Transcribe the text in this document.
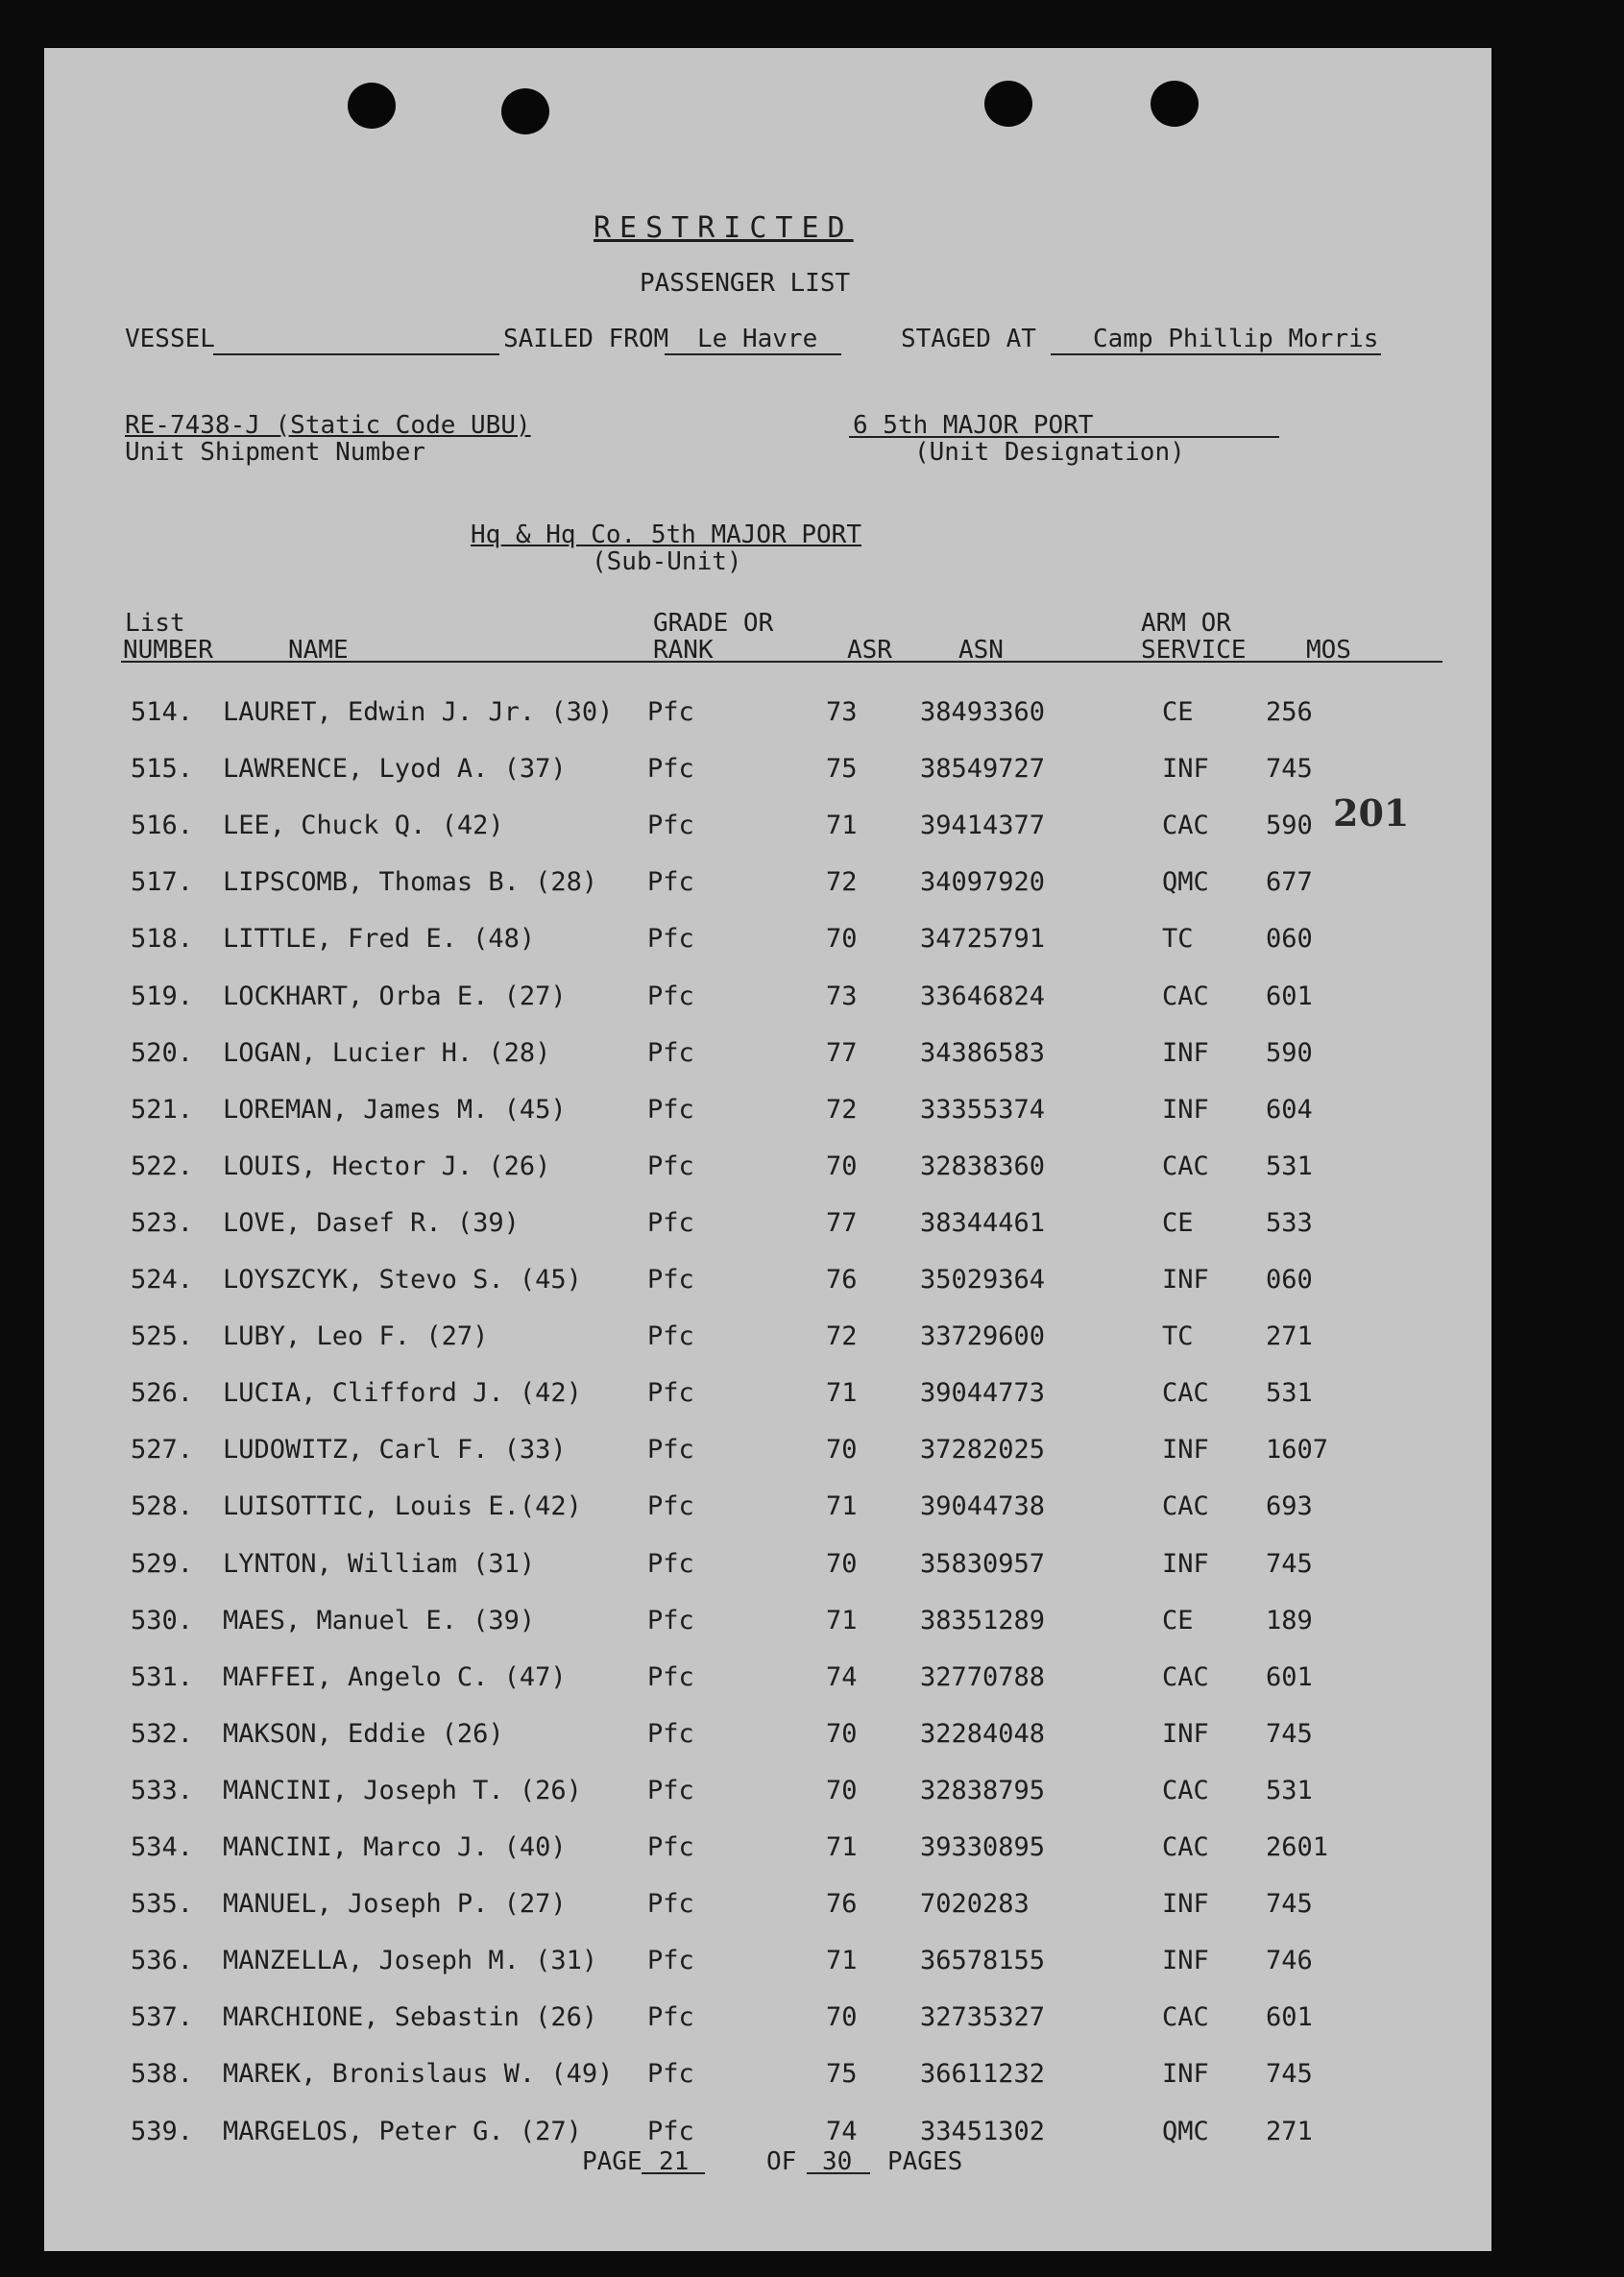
RESTRICTED
PASSENGER LIST
VESSEL	SAILED FROM Le Havre	STAGED AT Camp Phillip Morris
RE-7438-J (Static Code UBU)
Unit Shipment Number
6 5th MAJOR PORT
(Unit Designation)
Hq & Hq Co. 5th MAJOR PORT
(Sub-Unit)
List
NUMBER	NAME
GRADE OR
RANK	ASR	ASN
ARM OR
SERVICE MOS
201
514. LAURET, Edwin J. Jr. (30) Pfc	73 38493360	CE	256
515. LAWRENCE, Lyod A. (37)	Pfc	75 38549727	INF 745
516. LEE, Chuck Q. (42)	Pfc	71 39414377	CAC 590
517. LIPSCOMB, Thomas B. (28) Pfc	72 34097920	QMC 677
518. LITTLE, Fred E. (48)	Pfc	70 34725791	TC	060
519. LOCKHART, Orba E. (27)	Pfc	73 33646824	CAC 601
520. LOGAN, Lucier H. (28)	Pfc	77 34386583	INF 590
521. LOREMAN, James M. (45)	Pfc	72 33355374	INF 604
522. LOUIS, Hector J. (26)	Pfc	70 32838360	CAC 531
523. LOVE, Dasef R. (39)	Pfc	77 38344461	CE	533
524. LOYSZCYK, Stevo S. (45)	Pfc	76 35029364	INF 060
525. LUBY, Leo F. (27)	Pfc	72 33729600	TC	271
526. LUCIA, Clifford J. (42)	Pfc	71 39044773	CAC 531
527. LUDOWITZ, Carl F. (33)	Pfc	70 37282025	INF 1607
528. LUISOTTIC, Louis E.(42)	Pfc	71 39044738	CAC 693
529. LYNTON, William (31)	Pfc	70 35830957	INF 745
530. MAES, Manuel E. (39)	Pfc	71 38351289	CE	189
531. MAFFEI, Angelo C. (47)	Pfc	74 32770788	CAC 601
532. MAKSON, Eddie (26)	Pfc	70 32284048	INF 745
533. MANCINI, Joseph T. (26)	Pfc	70 32838795	CAC 531
534. MANCINI, Marco J. (40)	Pfc	71 39330895	CAC 2601
535. MANUEL, Joseph P. (27)	Pfc	76 7020283	INF 745
536. MANZELLA, Joseph M. (31) Pfc	71 36578155	INF 746
537. MARCHIONE, Sebastin (26) Pfc	70 32735327	CAC 601
538. MAREK, Bronislaus W. (49) Pfc	75 36611232	INF 745
539. MARGELOS, Peter G. (27)	Pfc	74 33451302	QMC 271
PAGE 21	OF 30 PAGES
